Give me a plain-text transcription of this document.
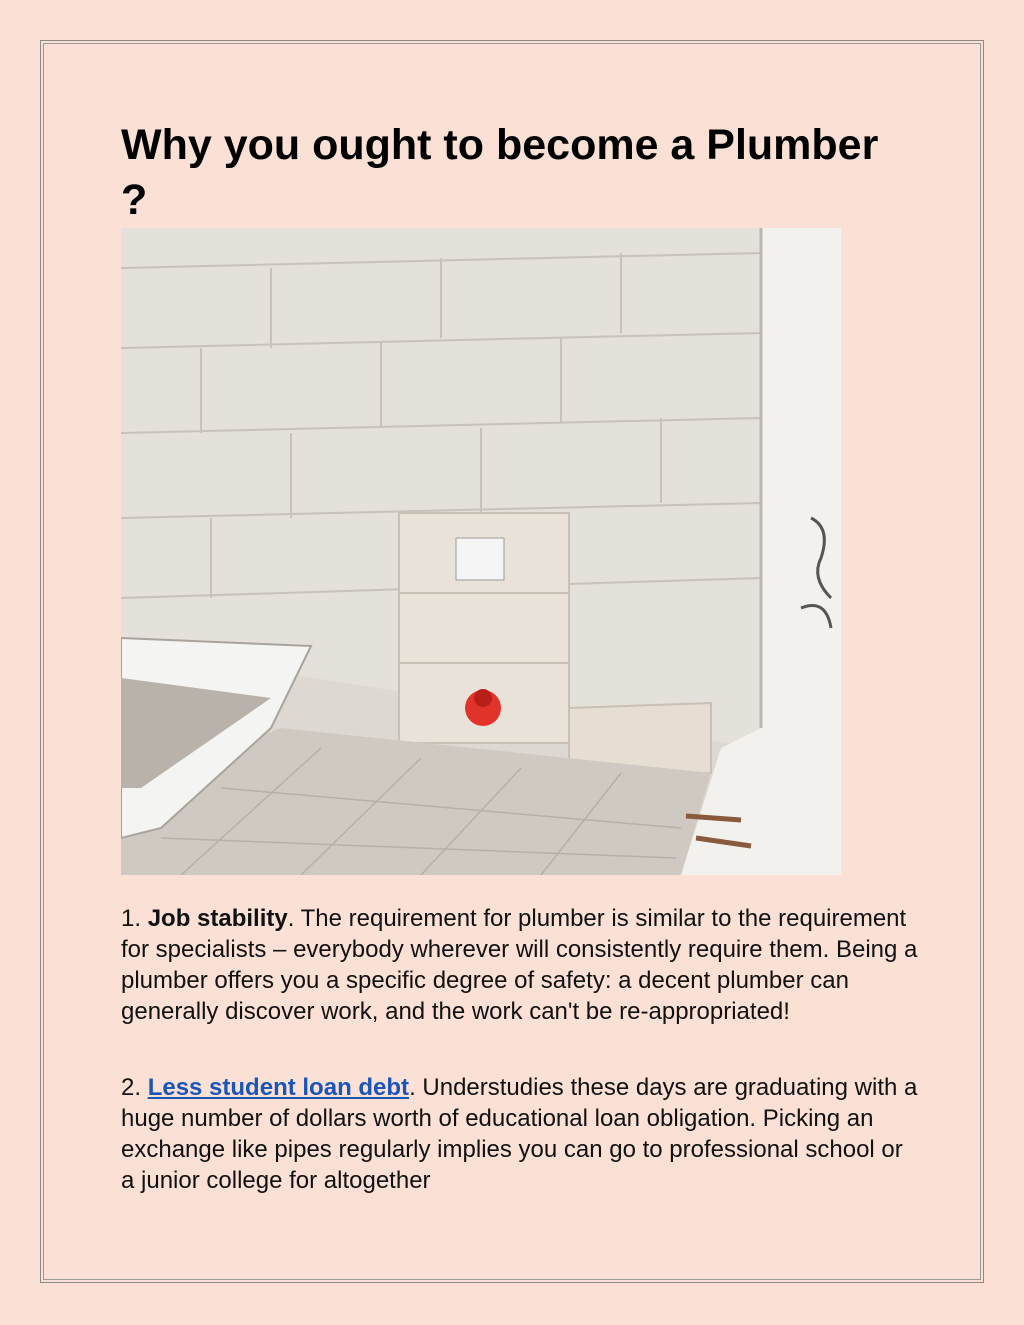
Why you ought to become a Plumber ?

1. Job stability. The requirement for plumber is similar to the requirement for specialists – everybody wherever will consistently require them. Being a plumber offers you a specific degree of safety: a decent plumber can generally discover work, and the work can't be re-appropriated!

2. Less student loan debt. Understudies these days are graduating with a huge number of dollars worth of educational loan obligation. Picking an exchange like pipes regularly implies you can go to professional school or a junior college for altogether
